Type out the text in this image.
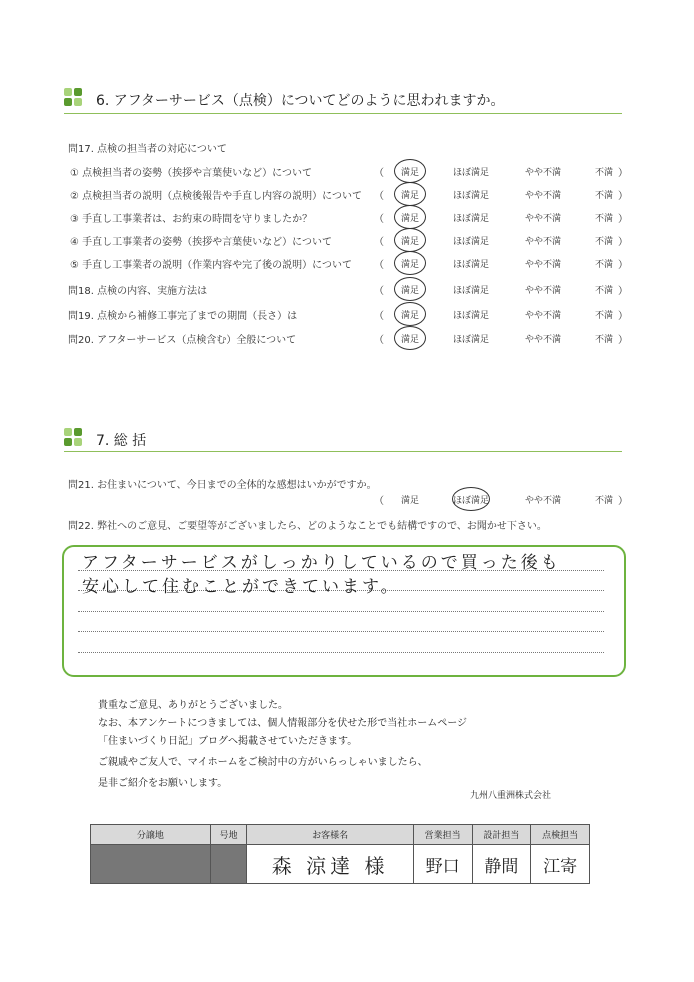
6. アフターサービス（点検）についてどのように思われますか。
問17. 点検の担当者の対応について
① 点検担当者の姿勢（挨拶や言葉使いなど）について	（	満足	ほぼ満足	やや不満	不満 ）
② 点検担当者の説明（点検後報告や手直し内容の説明）について （	満足	ほぼ満足	やや不満	不満 ）
③ 手直し工事業者は、お約束の時間を守りましたか？	（	満足	ほぼ満足	やや不満	不満 ）
④ 手直し工事業者の姿勢（挨拶や言葉使いなど）について	（	満足	ほぼ満足	やや不満	不満 ）
⑤ 手直し工事業者の説明（作業内容や完了後の説明）について （	満足	ほぼ満足	やや不満	不満 ）
問18. 点検の内容、実施方法は	（	満足	ほぼ満足	やや不満	不満 ）
問19. 点検から補修工事完了までの期間（長さ）は	（	満足	ほぼ満足	やや不満	不満 ）
問20. アフターサービス（点検含む）全般について	（	満足	ほぼ満足	やや不満	不満 ）
7. 総 括
問21. お住まいについて、今日までの全体的な感想はいかがですか。
（	満足	ほぼ満足	やや不満	不満 ）
問22. 弊社へのご意見、ご要望等がございましたら、どのようなことでも結構ですので、お聞かせ下さい。
アフターサービスがしっかりしているので買った後も
安心して住むことができています。
貴重なご意見、ありがとうございました。
なお、本アンケートにつきましては、個人情報部分を伏せた形で当社ホームページ
「住まいづくり日記」ブログへ掲載させていただきます。
ご親戚やご友人で、マイホームをご検討中の方がいらっしゃいましたら、
是非ご紹介をお願いします。
九州八重洲株式会社
分譲地	号地	お客様名	営業担当	設計担当	点検担当
		森 涼達 様	野口	静間	江寄
